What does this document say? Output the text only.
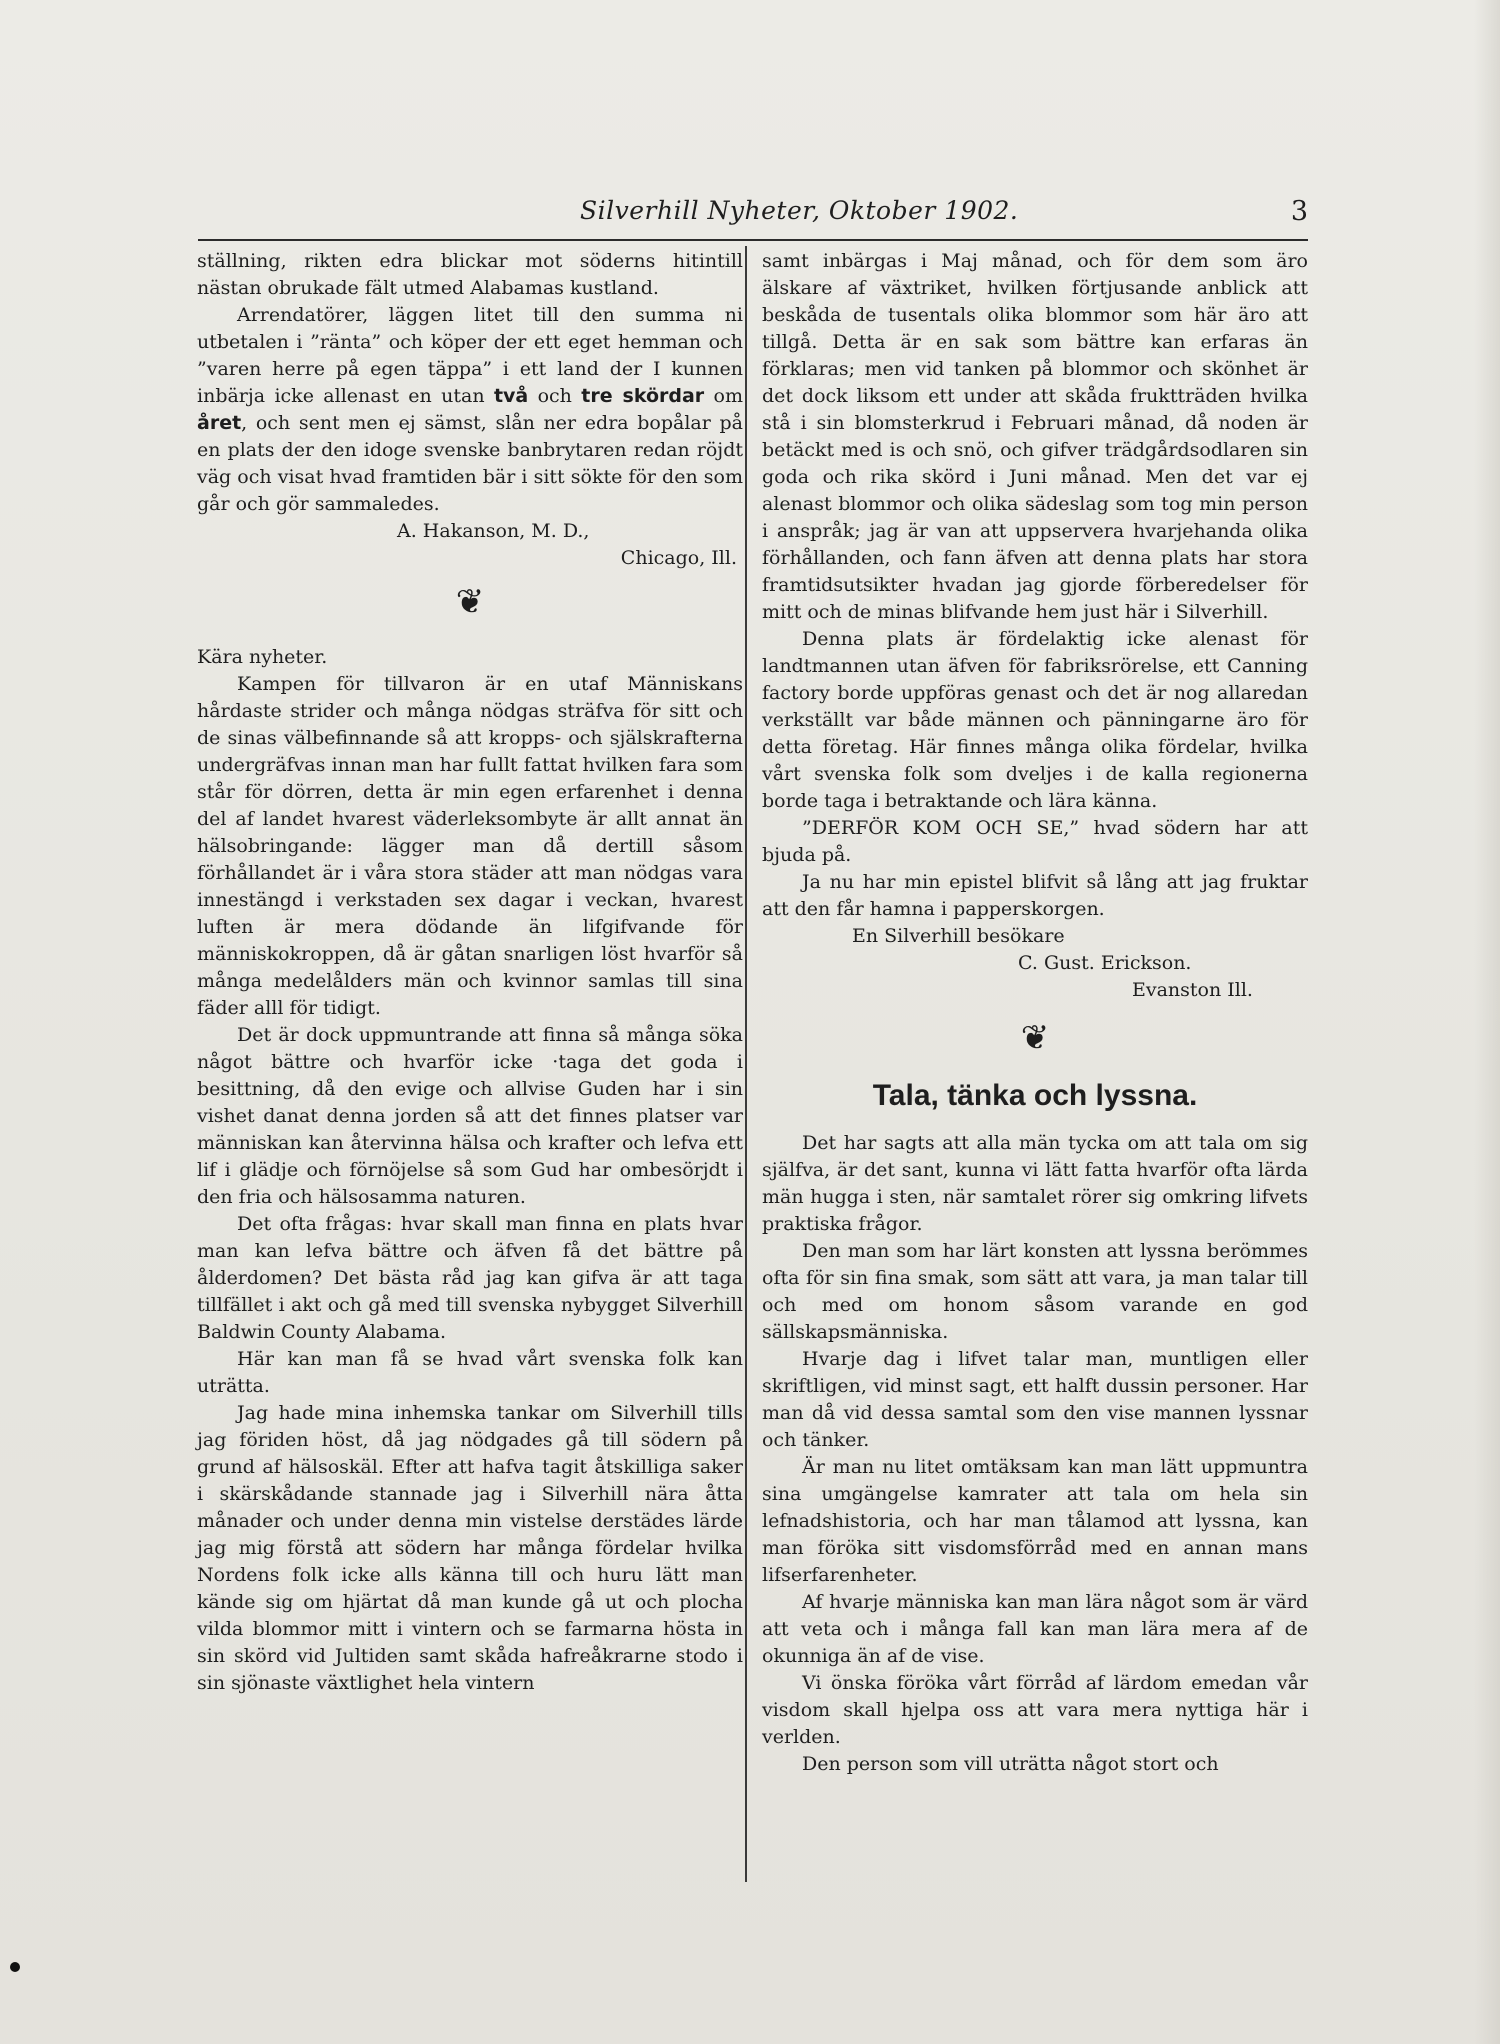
Silverhill Nyheter, Oktober 1902.	3

ställning, rikten edra blickar mot söderns hitintill nästan obrukade fält utmed Alabamas kustland.

Arrendatörer, läggen litet till den summa ni utbetalen i ”ränta” och köper der ett eget hemman och ”varen herre på egen täppa” i ett land der I kunnen inbärja icke allenast en utan två och tre skördar om året, och sent men ej sämst, slån ner edra bopålar på en plats der den idoge svenske banbrytaren redan röjdt väg och visat hvad framtiden bär i sitt sökte för den som går och gör sammaledes.

A. Hakanson, M. D.,

Chicago, Ill.

❦

Kära nyheter.

Kampen för tillvaron är en utaf Människans hårdaste strider och många nödgas sträfva för sitt och de sinas välbefinnande så att kropps- och själskrafterna undergräfvas innan man har fullt fattat hvilken fara som står för dörren, detta är min egen erfarenhet i denna del af landet hvarest väderleksombyte är allt annat än hälsobringande: lägger man då dertill såsom förhållandet är i våra stora städer att man nödgas vara innestängd i verkstaden sex dagar i veckan, hvarest luften är mera dödande än lifgifvande för människokroppen, då är gåtan snarligen löst hvarför så många medelålders män och kvinnor samlas till sina fäder alll för tidigt.

Det är dock uppmuntrande att finna så många söka något bättre och hvarför icke ·taga det goda i besittning, då den evige och allvise Guden har i sin vishet danat denna jorden så att det finnes platser var människan kan återvinna hälsa och krafter och lefva ett lif i glädje och förnöjelse så som Gud har ombesörjdt i den fria och hälsosamma naturen.

Det ofta frågas: hvar skall man finna en plats hvar man kan lefva bättre och äfven få det bättre på ålderdomen? Det bästa råd jag kan gifva är att taga tillfället i akt och gå med till svenska nybygget Silverhill Baldwin County Alabama.

Här kan man få se hvad vårt svenska folk kan uträtta.

Jag hade mina inhemska tankar om Silverhill tills jag föriden höst, då jag nödgades gå till södern på grund af hälsoskäl. Efter att hafva tagit åtskilliga saker i skärskådande stannade jag i Silverhill nära åtta månader och under denna min vistelse derstädes lärde jag mig förstå att södern har många fördelar hvilka Nordens folk icke alls känna till och huru lätt man kände sig om hjärtat då man kunde gå ut och plocha vilda blommor mitt i vintern och se farmarna hösta in sin skörd vid Jultiden samt skåda hafreåkrarne stodo i sin sjönaste växtlighet hela vintern

samt inbärgas i Maj månad, och för dem som äro älskare af växtriket, hvilken förtjusande anblick att beskåda de tusentals olika blommor som här äro att tillgå. Detta är en sak som bättre kan erfaras än förklaras; men vid tanken på blommor och skönhet är det dock liksom ett under att skåda fruktträden hvilka stå i sin blomsterkrud i Februari månad, då noden är betäckt med is och snö, och gifver trädgårdsodlaren sin goda och rika skörd i Juni månad. Men det var ej alenast blommor och olika sädeslag som tog min person i anspråk; jag är van att uppservera hvarjehanda olika förhållanden, och fann äfven att denna plats har stora framtidsutsikter hvadan jag gjorde förberedelser för mitt och de minas blifvande hem just här i Silverhill.

Denna plats är fördelaktig icke alenast för landtmannen utan äfven för fabriksrörelse, ett Canning factory borde uppföras genast och det är nog allaredan verkställt var både männen och pänningarne äro för detta företag. Här finnes många olika fördelar, hvilka vårt svenska folk som dveljes i de kalla regionerna borde taga i betraktande och lära känna.

”DERFÖR KOM OCH SE,” hvad södern har att bjuda på.

Ja nu har min epistel blifvit så lång att jag fruktar att den får hamna i papperskorgen.

En Silverhill besökare

C. Gust. Erickson.

Evanston Ill.

❦
Tala, tänka och lyssna.

Det har sagts att alla män tycka om att tala om sig själfva, är det sant, kunna vi lätt fatta hvarför ofta lärda män hugga i sten, när samtalet rörer sig omkring lifvets praktiska frågor.

Den man som har lärt konsten att lyssna berömmes ofta för sin fina smak, som sätt att vara, ja man talar till och med om honom såsom varande en god sällskapsmänniska.

Hvarje dag i lifvet talar man, muntligen eller skriftligen, vid minst sagt, ett halft dussin personer. Har man då vid dessa samtal som den vise mannen lyssnar och tänker.

Är man nu litet omtäksam kan man lätt uppmuntra sina umgängelse kamrater att tala om hela sin lefnadshistoria, och har man tålamod att lyssna, kan man föröka sitt visdomsförråd med en annan mans lifserfarenheter.

Af hvarje människa kan man lära något som är värd att veta och i många fall kan man lära mera af de okunniga än af de vise.

Vi önska föröka vårt förråd af lärdom emedan vår visdom skall hjelpa oss att vara mera nyttiga här i verlden.

Den person som vill uträtta något stort och
